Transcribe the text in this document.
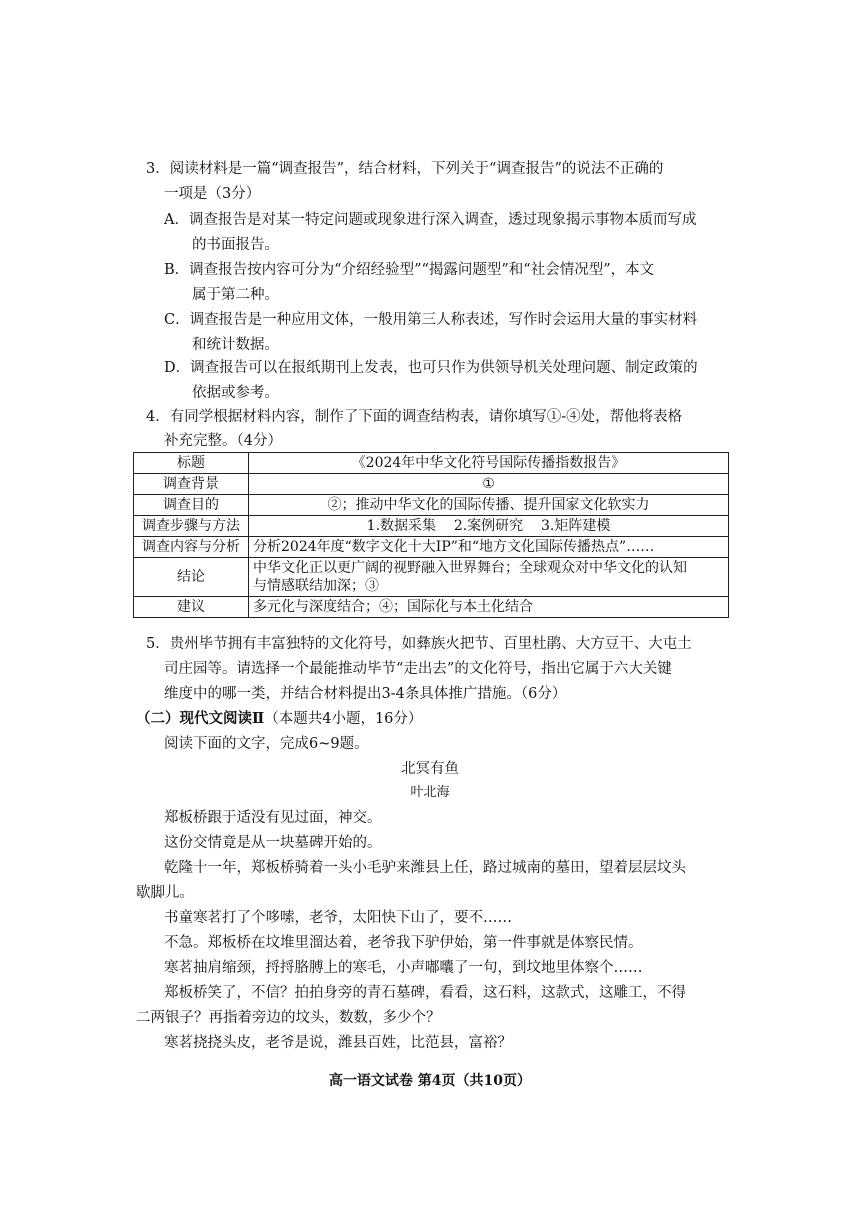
3．阅读材料是一篇“调查报告”，结合材料，下列关于“调查报告”的说法不正确的
一项是（3分）
A．调查报告是对某一特定问题或现象进行深入调查，透过现象揭示事物本质而写成
的书面报告。
B．调查报告按内容可分为“介绍经验型”“揭露问题型”和“社会情况型”，本文
属于第二种。
C．调查报告是一种应用文体，一般用第三人称表述，写作时会运用大量的事实材料
和统计数据。
D．调查报告可以在报纸期刊上发表，也可只作为供领导机关处理问题、制定政策的
依据或参考。
4．有同学根据材料内容，制作了下面的调查结构表，请你填写①-④处，帮他将表格
补充完整。（4分）
标题	《2024年中华文化符号国际传播指数报告》
调查背景	①
调查目的	②；推动中华文化的国际传播、提升国家文化软实力
调查步骤与方法	1.数据采集    2.案例研究    3.矩阵建模
调查内容与分析	分析2024年度“数字文化十大IP”和“地方文化国际传播热点”……
结论	中华文化正以更广阔的视野融入世界舞台；全球观众对中华文化的认知
与情感联结加深；③

建议	多元化与深度结合；④；国际化与本土化结合
5．贵州毕节拥有丰富独特的文化符号，如彝族火把节、百里杜鹃、大方豆干、大屯土
司庄园等。请选择一个最能推动毕节“走出去”的文化符号，指出它属于六大关键
维度中的哪一类，并结合材料提出3-4条具体推广措施。（6分）
（二）现代文阅读Ⅱ（本题共4小题，16分）
阅读下面的文字，完成6~9题。
北冥有鱼
叶北海
郑板桥跟于适没有见过面，神交。
这份交情竟是从一块墓碑开始的。
乾隆十一年，郑板桥骑着一头小毛驴来潍县上任，路过城南的墓田，望着层层坟头
歇脚儿。
书童寒茗打了个哆嗦，老爷，太阳快下山了，要不……
不急。郑板桥在坟堆里溜达着，老爷我下驴伊始，第一件事就是体察民情。
寒茗抽肩缩颈，捋捋胳膊上的寒毛，小声嘟囔了一句，到坟地里体察个……
郑板桥笑了，不信？拍拍身旁的青石墓碑，看看，这石料，这款式，这雕工，不得
二两银子？再指着旁边的坟头，数数，多少个？
寒茗挠挠头皮，老爷是说，潍县百姓，比范县，富裕？
高一语文试卷 第4页（共10页）
